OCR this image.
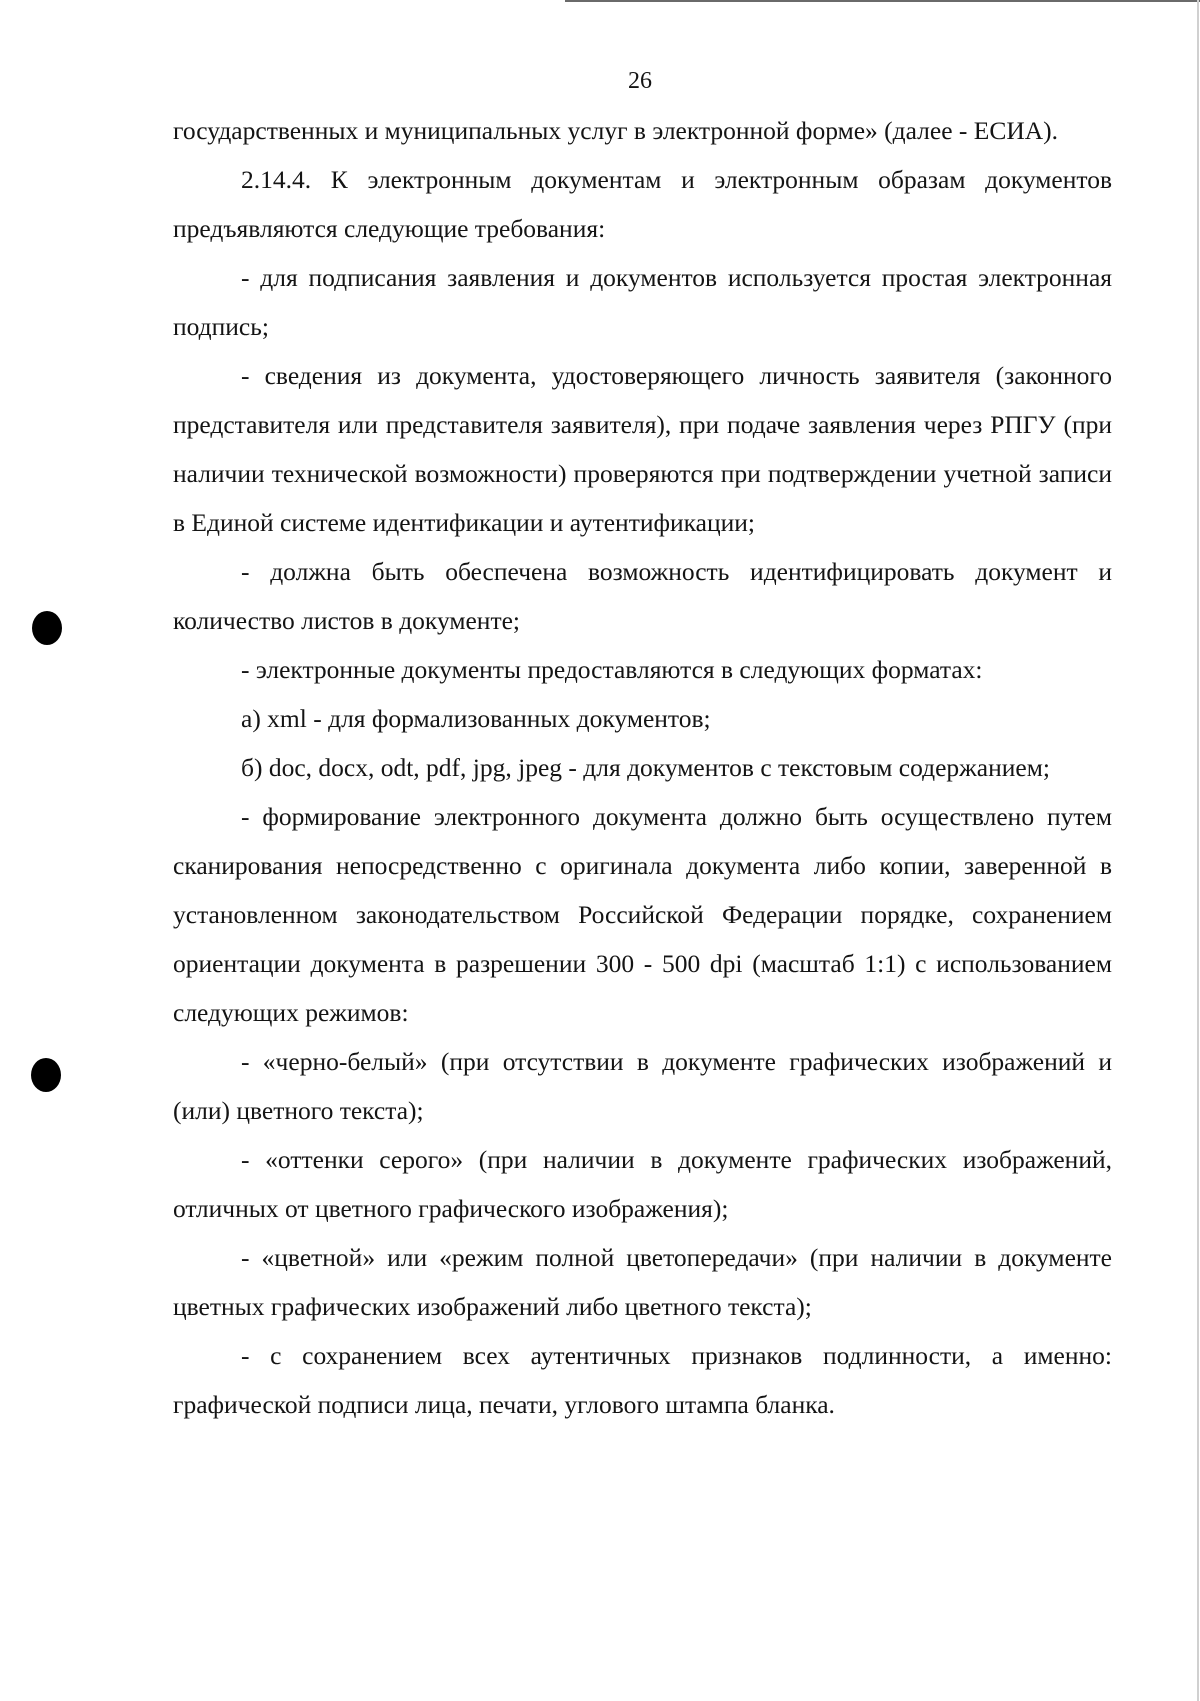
26

государственных и муниципальных услуг в электронной форме» (далее - ЕСИА).

2.14.4. К электронным документам и электронным образам документов предъявляются следующие требования:

- для подписания заявления и документов используется простая электронная подпись;

- сведения из документа, удостоверяющего личность заявителя (законного представителя или представителя заявителя), при подаче заявления через РПГУ (при наличии технической возможности) проверяются при подтверждении учетной записи в Единой системе идентификации и аутентификации;

- должна быть обеспечена возможность идентифицировать документ и количество листов в документе;

- электронные документы предоставляются в следующих форматах:

а) xml - для формализованных документов;

б) doc, docx, odt, pdf, jpg, jpeg - для документов с текстовым содержанием;

- формирование электронного документа должно быть осуществлено путем сканирования непосредственно с оригинала документа либо копии, заверенной в установленном законодательством Российской Федерации порядке, сохранением ориентации документа в разрешении 300 - 500 dpi (масштаб 1:1) с использованием следующих режимов:

- «черно-белый» (при отсутствии в документе графических изображений и (или) цветного текста);

- «оттенки серого» (при наличии в документе графических изображений, отличных от цветного графического изображения);

- «цветной» или «режим полной цветопередачи» (при наличии в документе цветных графических изображений либо цветного текста);

- с сохранением всех аутентичных признаков подлинности, а именно: графической подписи лица, печати, углового штампа бланка.
